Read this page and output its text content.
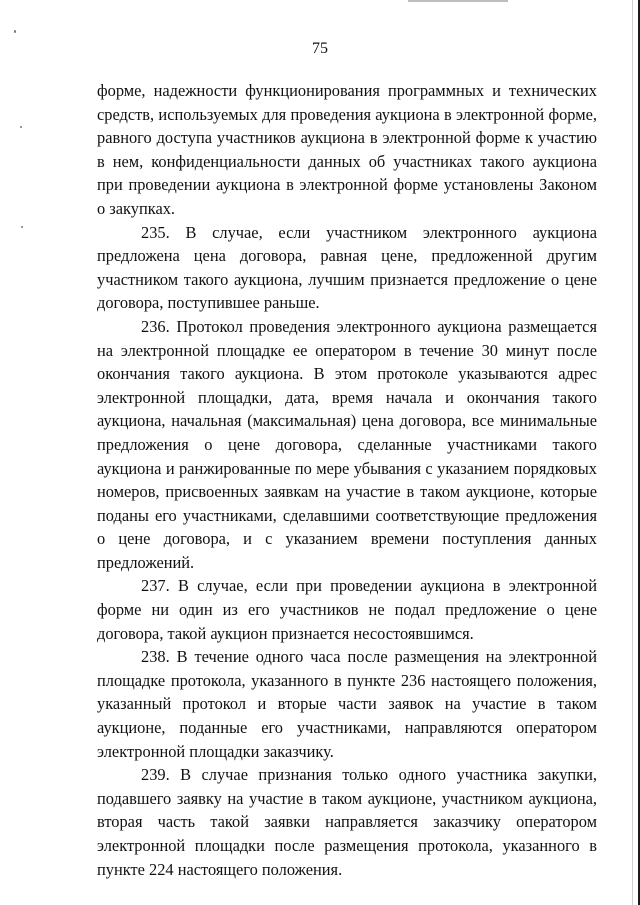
75

форме, надежности функционирования программных и технических средств, используемых для проведения аукциона в электронной форме, равного доступа участников аукциона в электронной форме к участию в нем, конфиденциальности данных об участниках такого аукциона при проведении аукциона в электронной форме установлены Законом о закупках.

235. В случае, если участником электронного аукциона предложена цена договора, равная цене, предложенной другим участником такого аукциона, лучшим признается предложение о цене договора, поступившее раньше.

236. Протокол проведения электронного аукциона размещается на электронной площадке ее оператором в течение 30 минут после окончания такого аукциона. В этом протоколе указываются адрес электронной площадки, дата, время начала и окончания такого аукциона, начальная (максимальная) цена договора, все минимальные предложения о цене договора, сделанные участниками такого аукциона и ранжированные по мере убывания с указанием порядковых номеров, присвоенных заявкам на участие в таком аукционе, которые поданы его участниками, сделавшими соответствующие предложения о цене договора, и с указанием времени поступления данных предложений.

237. В случае, если при проведении аукциона в электронной форме ни один из его участников не подал предложение о цене договора, такой аукцион признается несостоявшимся.

238. В течение одного часа после размещения на электронной площадке протокола, указанного в пункте 236 настоящего положения, указанный протокол и вторые части заявок на участие в таком аукционе, поданные его участниками, направляются оператором электронной площадки заказчику.

239. В случае признания только одного участника закупки, подавшего заявку на участие в таком аукционе, участником аукциона, вторая часть такой заявки направляется заказчику оператором электронной площадки после размещения протокола, указанного в пункте 224 настоящего положения.
